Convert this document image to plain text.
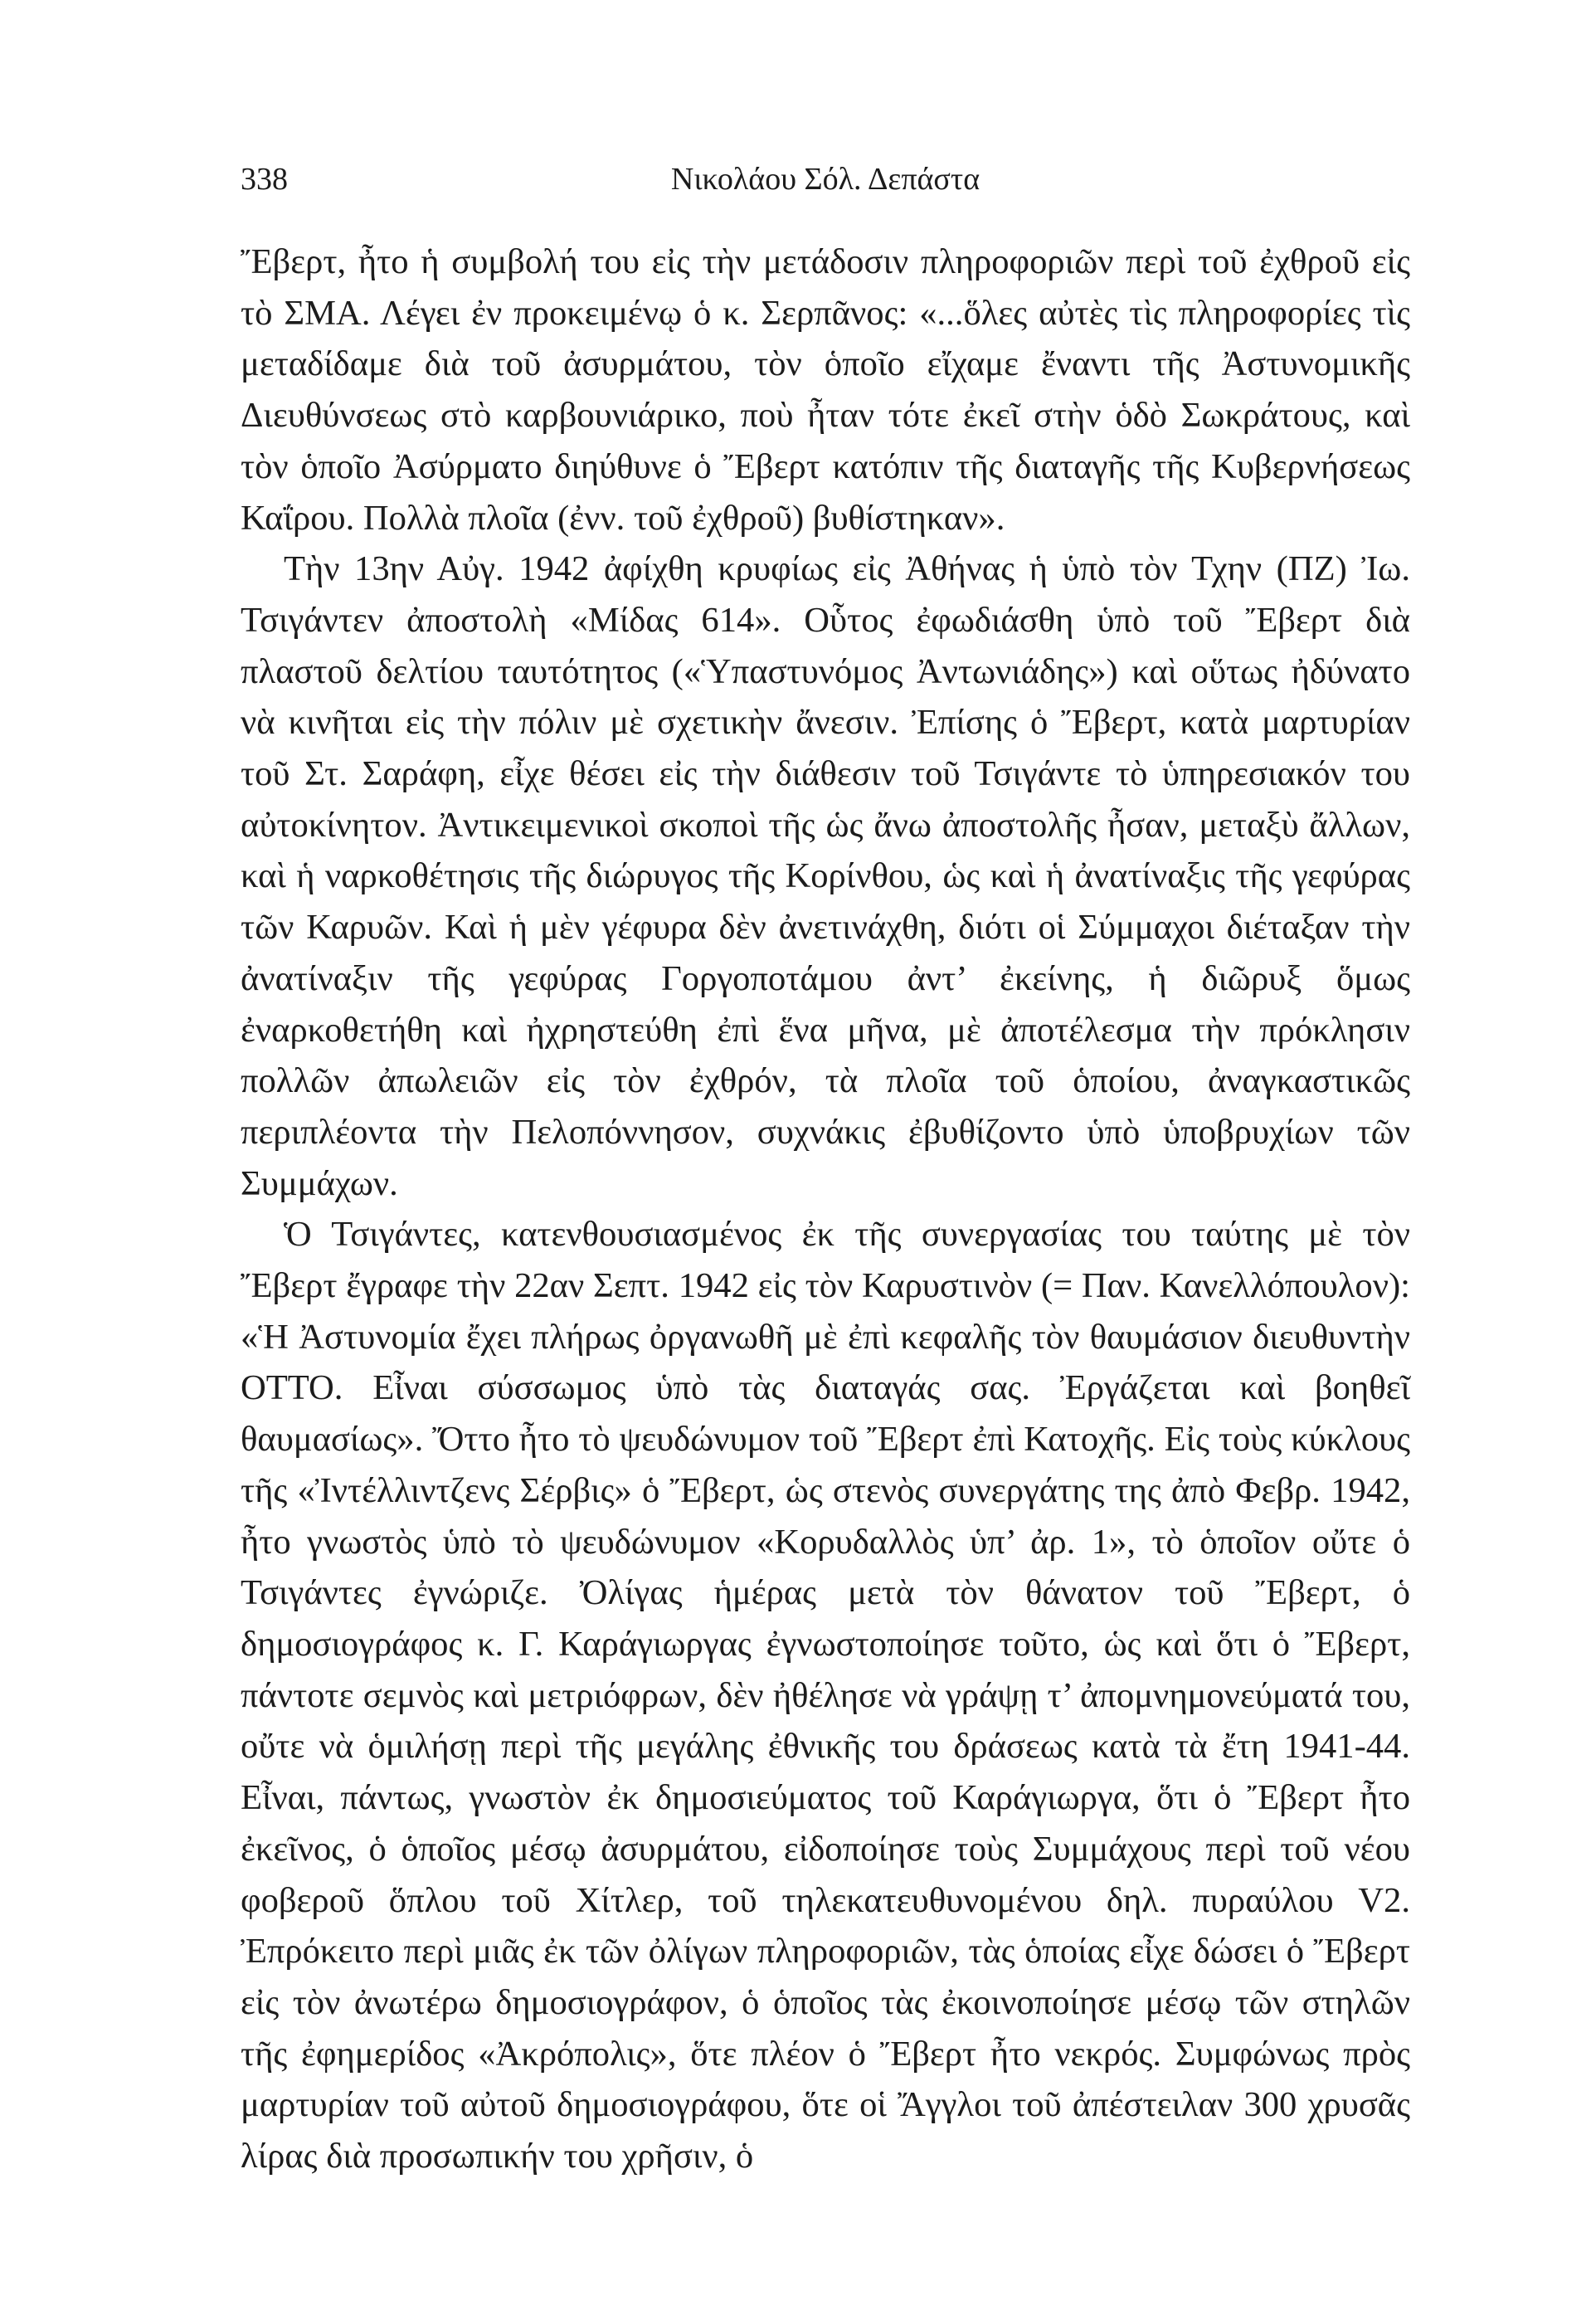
338	Νικολάου Σόλ. Δεπάστα

Ἔβερτ, ἦτο ἡ συμβολή του εἰς τὴν μετάδοσιν πληροφοριῶν περὶ τοῦ ἐχθροῦ εἰς τὸ ΣΜΑ. Λέγει ἐν προκειμένῳ ὁ κ. Σερπᾶνος: «...ὅλες αὐτὲς τὶς πληροφορίες τὶς μεταδίδαμε διὰ τοῦ ἀσυρμάτου, τὸν ὁποῖο εἴχαμε ἔναντι τῆς Ἀστυνομικῆς Διευθύνσεως στὸ καρβουνιάρικο, ποὺ ἦταν τότε ἐκεῖ στὴν ὁδὸ Σωκράτους, καὶ τὸν ὁποῖο Ἀσύρματο διηύθυνε ὁ Ἔβερτ κατόπιν τῆς διαταγῆς τῆς Κυβερνήσεως Καΐρου. Πολλὰ πλοῖα (ἐνν. τοῦ ἐχθροῦ) βυθίστηκαν».

Τὴν 13ην Αὐγ. 1942 ἀφίχθη κρυφίως εἰς Ἀθήνας ἡ ὑπὸ τὸν Τχην (ΠΖ) Ἰω. Τσιγάντεν ἀποστολὴ «Μίδας 614». Οὗτος ἐφωδιάσθη ὑπὸ τοῦ Ἔβερτ διὰ πλαστοῦ δελτίου ταυτότητος («Ὑπαστυνόμος Ἀντωνιάδης») καὶ οὕτως ἠδύνατο νὰ κινῆται εἰς τὴν πόλιν μὲ σχετικὴν ἄνεσιν. Ἐπίσης ὁ Ἔβερτ, κατὰ μαρτυρίαν τοῦ Στ. Σαράφη, εἶχε θέσει εἰς τὴν διάθεσιν τοῦ Τσιγάντε τὸ ὑπηρεσιακόν του αὐτοκίνητον. Ἀντικειμενικοὶ σκοποὶ τῆς ὡς ἄνω ἀποστολῆς ἦσαν, μεταξὺ ἄλλων, καὶ ἡ ναρκοθέτησις τῆς διώρυγος τῆς Κορίνθου, ὡς καὶ ἡ ἀνατίναξις τῆς γεφύρας τῶν Καρυῶν. Καὶ ἡ μὲν γέφυρα δὲν ἀνετινάχθη, διότι οἱ Σύμμαχοι διέταξαν τὴν ἀνατίναξιν τῆς γεφύρας Γοργοποτάμου ἀντ’ ἐκείνης, ἡ διῶρυξ ὅμως ἐναρκοθετήθη καὶ ἠχρηστεύθη ἐπὶ ἕνα μῆνα, μὲ ἀποτέλεσμα τὴν πρόκλησιν πολλῶν ἀπωλειῶν εἰς τὸν ἐχθρόν, τὰ πλοῖα τοῦ ὁποίου, ἀναγκαστικῶς περιπλέοντα τὴν Πελοπόννησον, συχνάκις ἐβυθίζοντο ὑπὸ ὑποβρυχίων τῶν Συμμάχων.

Ὁ Τσιγάντες, κατενθουσιασμένος ἐκ τῆς συνεργασίας του ταύτης μὲ τὸν Ἔβερτ ἔγραφε τὴν 22αν Σεπτ. 1942 εἰς τὸν Καρυστινὸν (= Παν. Κανελλόπουλον): «Ἡ Ἀστυνομία ἔχει πλήρως ὀργανωθῆ μὲ ἐπὶ κεφαλῆς τὸν θαυμάσιον διευθυντὴν ΟΤΤΟ. Εἶναι σύσσωμος ὑπὸ τὰς διαταγάς σας. Ἐργάζεται καὶ βοηθεῖ θαυμασίως». Ὄττο ἦτο τὸ ψευδώνυμον τοῦ Ἔβερτ ἐπὶ Κατοχῆς. Εἰς τοὺς κύκλους τῆς «Ἰντέλλιντζενς Σέρβις» ὁ Ἔβερτ, ὡς στενὸς συνεργάτης της ἀπὸ Φεβρ. 1942, ἦτο γνωστὸς ὑπὸ τὸ ψευδώνυμον «Κορυδαλλὸς ὑπ’ ἀρ. 1», τὸ ὁποῖον οὔτε ὁ Τσιγάντες ἐγνώριζε. Ὀλίγας ἡμέρας μετὰ τὸν θάνατον τοῦ Ἔβερτ, ὁ δημοσιογράφος κ. Γ. Καράγιωργας ἐγνωστοποίησε τοῦτο, ὡς καὶ ὅτι ὁ Ἔβερτ, πάντοτε σεμνὸς καὶ μετριόφρων, δὲν ἠθέλησε νὰ γράψῃ τ’ ἀπομνημονεύματά του, οὔτε νὰ ὁμιλήσῃ περὶ τῆς μεγάλης ἐθνικῆς του δράσεως κατὰ τὰ ἔτη 1941-44. Εἶναι, πάντως, γνωστὸν ἐκ δημοσιεύματος τοῦ Καράγιωργα, ὅτι ὁ Ἔβερτ ἦτο ἐκεῖνος, ὁ ὁποῖος μέσῳ ἀσυρμάτου, εἰδοποίησε τοὺς Συμμάχους περὶ τοῦ νέου φοβεροῦ ὅπλου τοῦ Χίτλερ, τοῦ τηλεκατευθυνομένου δηλ. πυραύλου V2. Ἐπρόκειτο περὶ μιᾶς ἐκ τῶν ὀλίγων πληροφοριῶν, τὰς ὁποίας εἶχε δώσει ὁ Ἔβερτ εἰς τὸν ἀνωτέρω δημοσιογράφον, ὁ ὁποῖος τὰς ἐκοινοποίησε μέσῳ τῶν στηλῶν τῆς ἐφημερίδος «Ἀκρόπολις», ὅτε πλέον ὁ Ἔβερτ ἦτο νεκρός. Συμφώνως πρὸς μαρτυρίαν τοῦ αὐτοῦ δημοσιογράφου, ὅτε οἱ Ἄγγλοι τοῦ ἀπέστειλαν 300 χρυσᾶς λίρας διὰ προσωπικήν του χρῆσιν, ὁ
